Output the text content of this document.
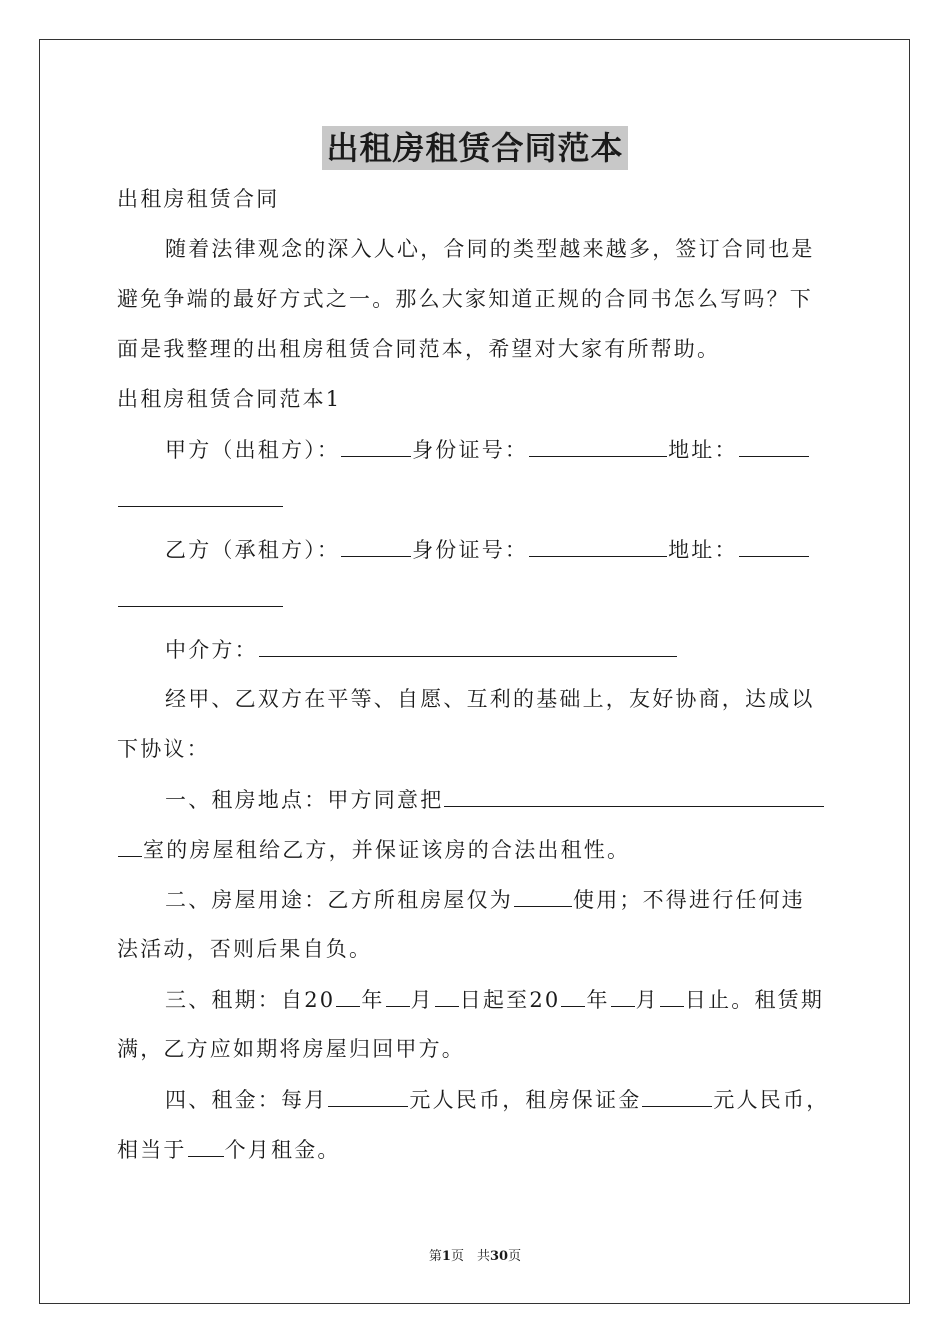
出租房租赁合同范本
出租房租赁合同
随着法律观念的深入人心，合同的类型越来越多，签订合同也是
避免争端的最好方式之一。那么大家知道正规的合同书怎么写吗？下
面是我整理的出租房租赁合同范本，希望对大家有所帮助。
出租房租赁合同范本1
甲方（出租方）：	身份证号：	地址：
乙方（承租方）：	身份证号：	地址：
中介方：
经甲、乙双方在平等、自愿、互利的基础上，友好协商，达成以
下协议：
一、租房地点：甲方同意把
室的房屋租给乙方，并保证该房的合法出租性。
二、房屋用途：乙方所租房屋仅为	使用；不得进行任何违
法活动，否则后果自负。
三、租期：自20 年 月 日起至20 年 月 日止。租赁期
满，乙方应如期将房屋归回甲方。
四、租金：每月	元人民币，租房保证金	元人民币，
相当于 个月租金。
第1页　共30页
